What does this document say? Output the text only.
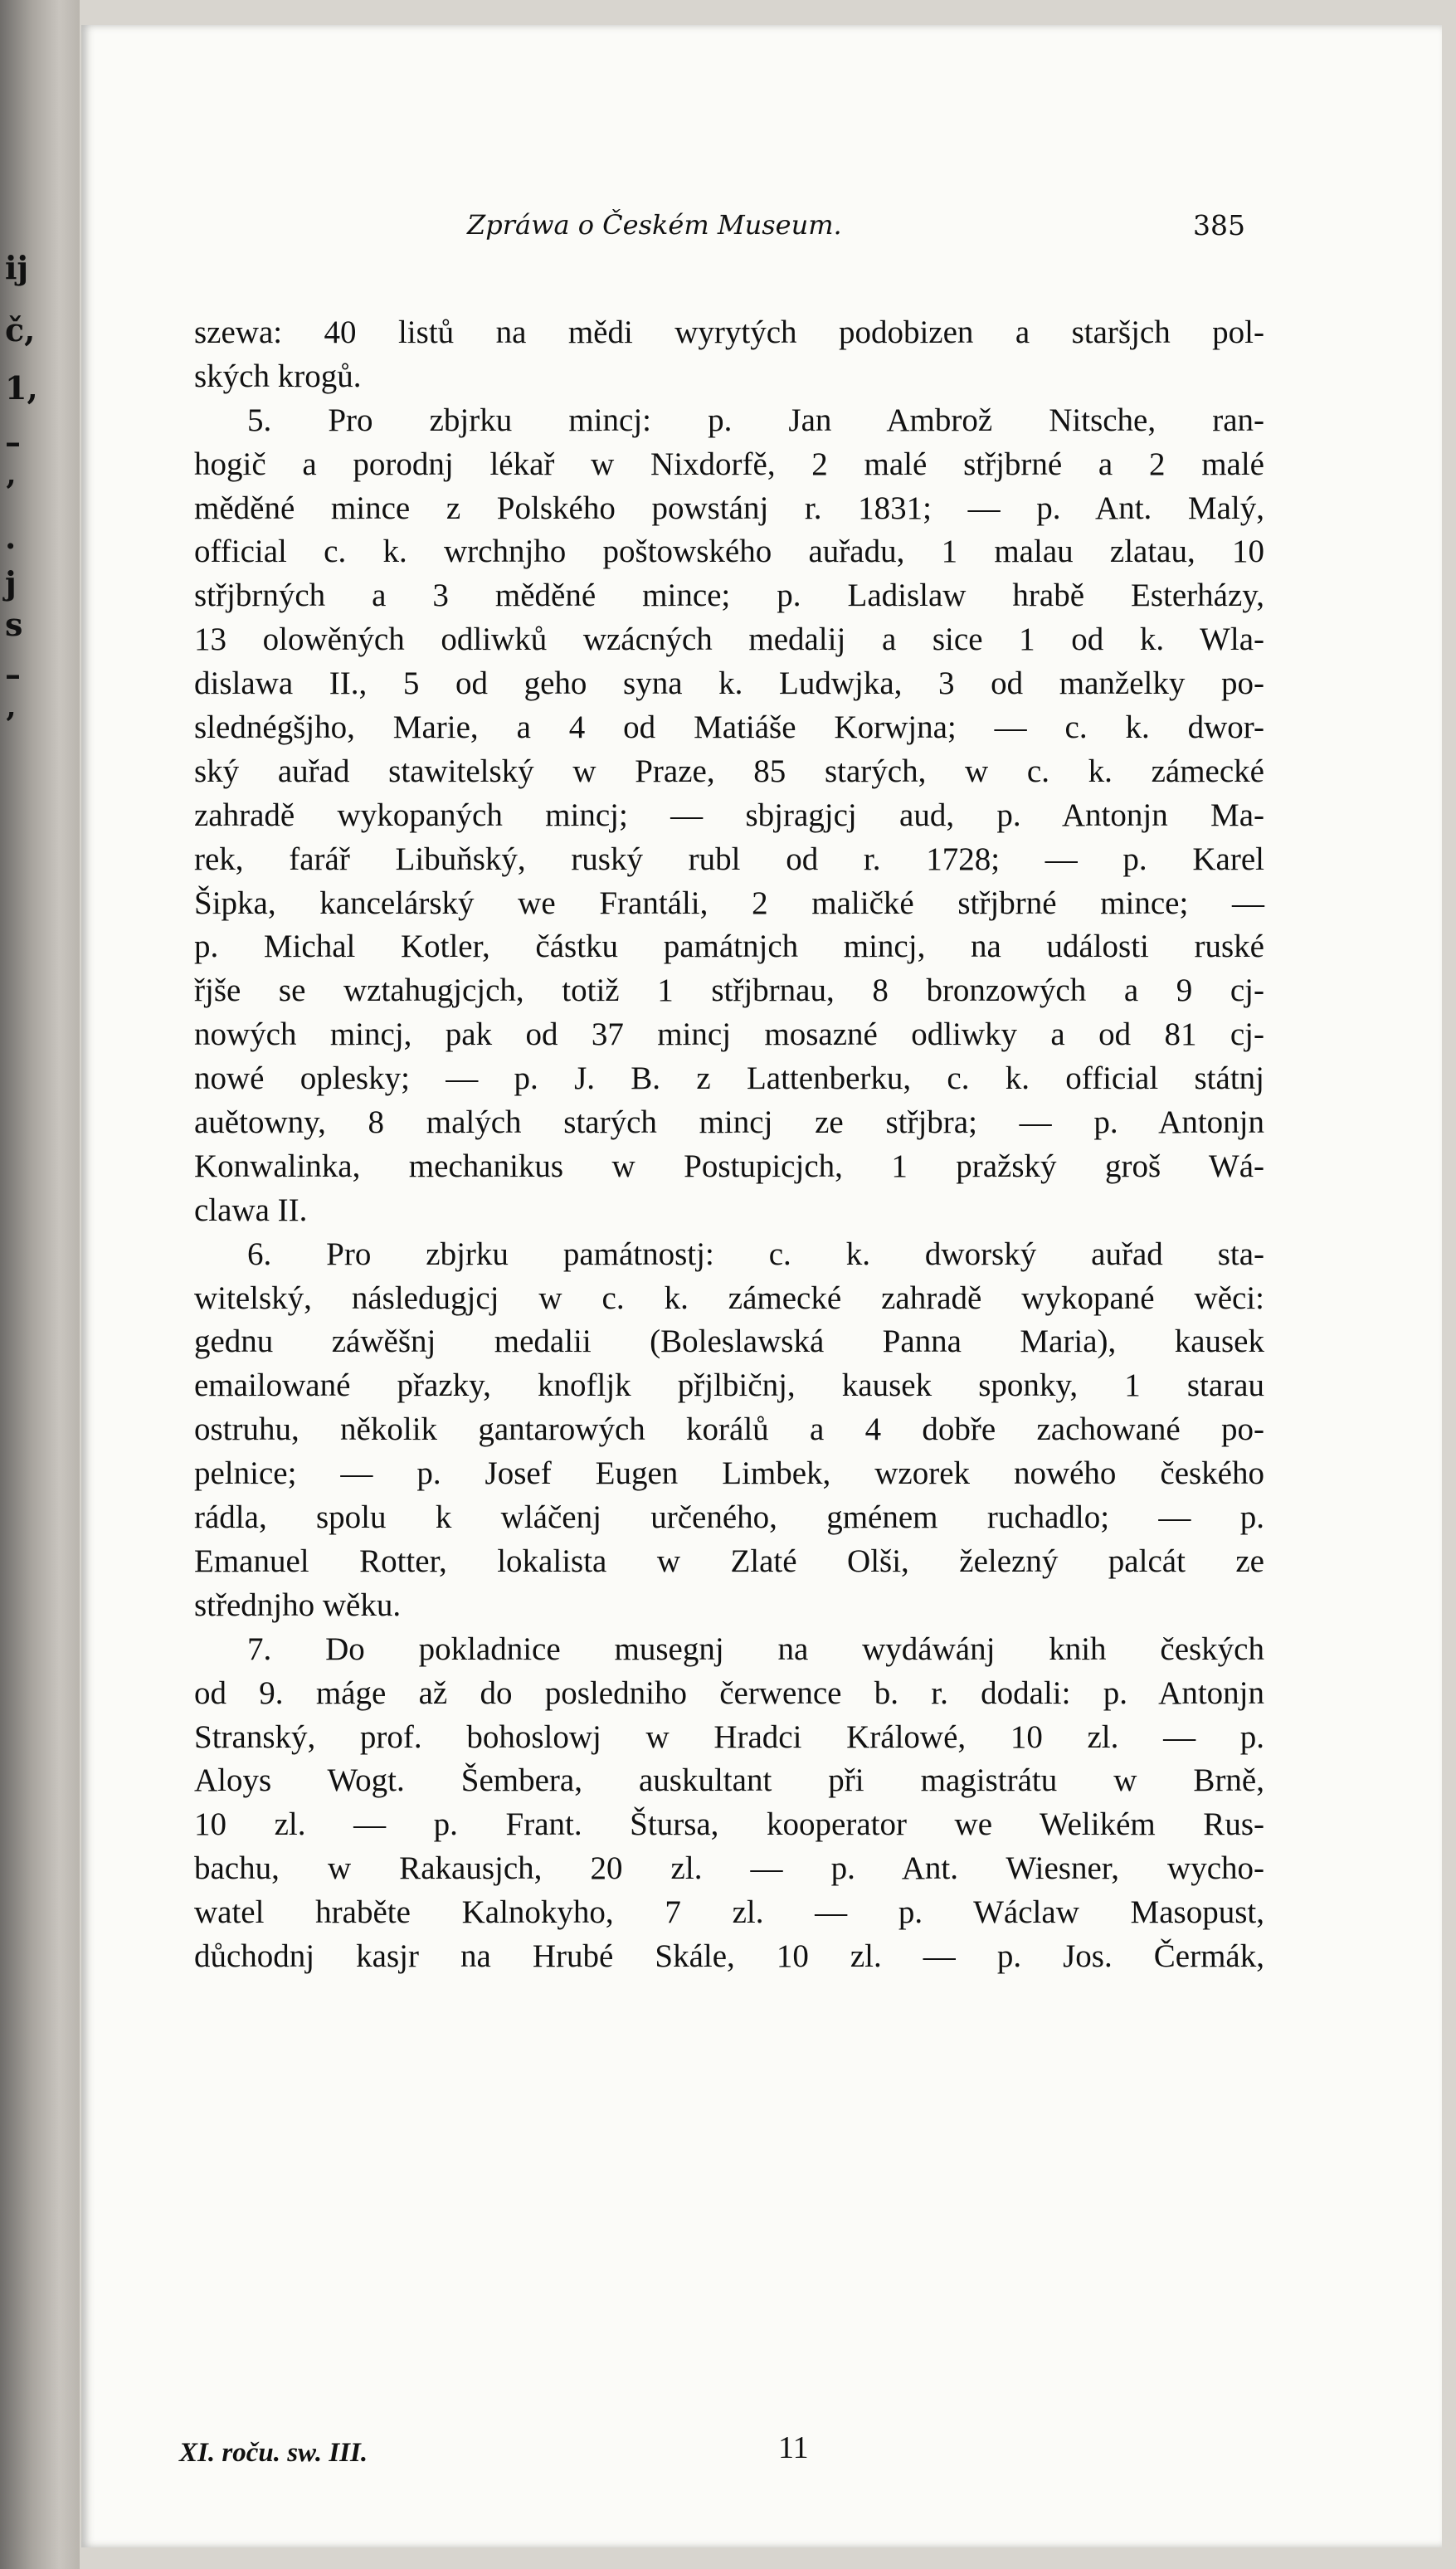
ij
č,
1,
–
’
.
j
s
–
’
Zpráwa o Českém Museum.	385
szewa: 40 listů na mědi wyrytých podobizen a staršjch pol-
ských krogů.
5. Pro zbjrku mincj: p. Jan Ambrož Nitsche, ran-
hogič a porodnj lékař w Nixdorfě, 2 malé střjbrné a 2 malé
měděné mince z Polského powstánj r. 1831; — p. Ant. Malý,
official c. k. wrchnjho poštowského auřadu, 1 malau zlatau, 10
střjbrných a 3 měděné mince; p. Ladislaw hrabě Esterházy,
13 olowěných odliwků wzácných medalij a sice 1 od k. Wla-
dislawa II., 5 od geho syna k. Ludwjka, 3 od manželky po-
slednégšjho, Marie, a 4 od Matiáše Korwjna; — c. k. dwor-
ský auřad stawitelský w Praze, 85 starých, w c. k. zámecké
zahradě wykopaných mincj; — sbjragjcj aud, p. Antonjn Ma-
rek, farář Libuňský, ruský rubl od r. 1728; — p. Karel
Šipka, kancelárský we Frantáli, 2 maličké střjbrné mince; —
p. Michal Kotler, částku památnjch mincj, na události ruské
řjše se wztahugjcjch, totiž 1 střjbrnau, 8 bronzowých a 9 cj-
nowých mincj, pak od 37 mincj mosazné odliwky a od 81 cj-
nowé oplesky; — p. J. B. z Lattenberku, c. k. official státnj
auětowny, 8 malých starých mincj ze střjbra; — p. Antonjn
Konwalinka, mechanikus w Postupicjch, 1 pražský groš Wá-
clawa II.
6. Pro zbjrku památnostj: c. k. dworský auřad sta-
witelský, následugjcj w c. k. zámecké zahradě wykopané wěci:
gednu záwěšnj medalii (Boleslawská Panna Maria), kausek
emailowané přazky, knoflјk přjlbičnj, kausek sponky, 1 starau
ostruhu, několik gantarowých korálů a 4 dobře zachowané po-
pelnice; — p. Josef Eugen Limbek, wzorek nowého českého
rádla, spolu k wláčenj určeného, gménem ruchadlo; — p.
Emanuel Rotter, lokalista w Zlaté Olši, železný palcát ze
střednjho wěku.
7. Do pokladnice musegnj na wydáwánj knih českých
od 9. máge až do posledniho čerwence b. r. dodali: p. Antonjn
Stranský, prof. bohoslowj w Hradci Králowé, 10 zl. — p.
Aloys Wogt. Šembera, auskultant při magistrátu w Brně,
10 zl. — p. Frant. Štursa, kooperator we Welikém Rus-
bachu, w Rakausjch, 20 zl. — p. Ant. Wiesner, wycho-
watel hraběte Kalnokyho, 7 zl. — p. Wáclaw Masopust,
důchodnj kasjr na Hrubé Skále, 10 zl. — p. Jos. Čermák,
XI. roču. sw. III.	11
